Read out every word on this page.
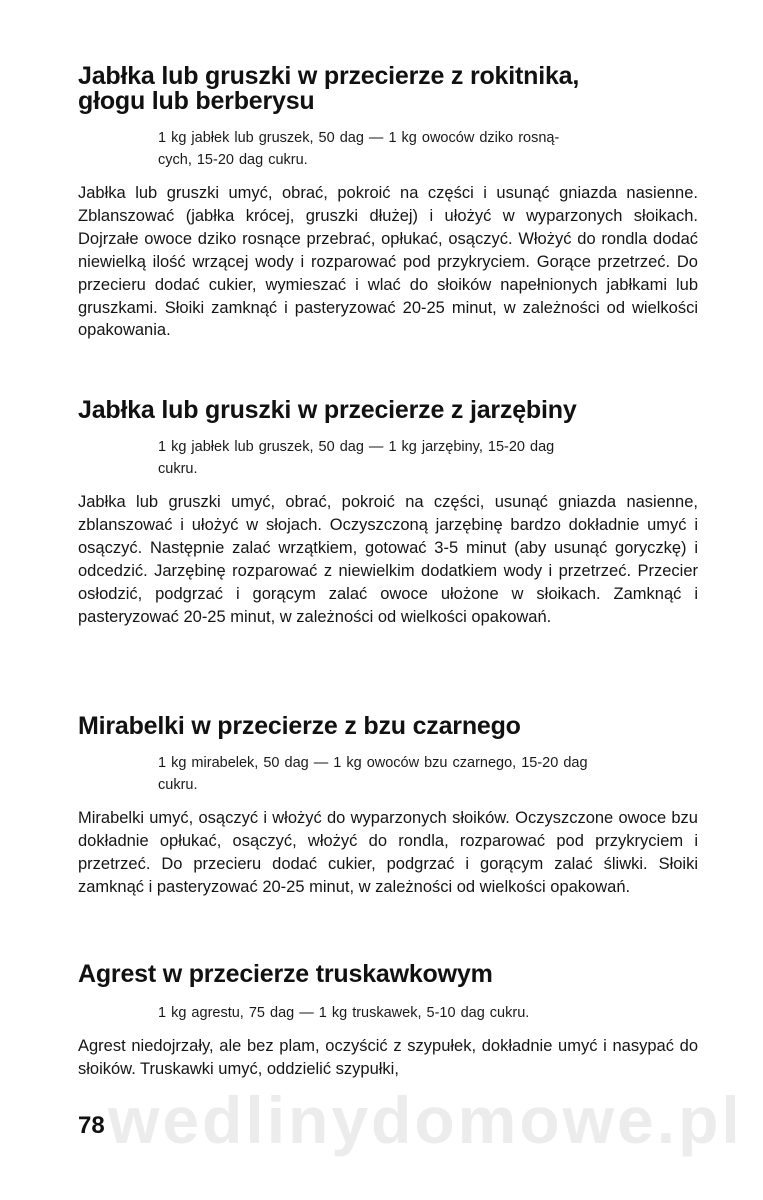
wedlinydomowe.pl
Jabłka lub gruszki w przecierze z rokitnika,
głogu lub berberysu

1 kg jabłek lub gruszek, 50 dag — 1 kg owoców dziko rosną-
cych, 15-20 dag cukru.

Jabłka lub gruszki umyć, obrać, pokroić na części i usunąć gniazda nasienne. Zblanszować (jabłka krócej, gruszki dłużej) i ułożyć w wyparzonych słoikach. Dojrzałe owoce dziko rosnące przebrać, opłukać, osączyć. Włożyć do rondla dodać niewielką ilość wrzącej wody i rozparować pod przykryciem. Gorące przetrzeć. Do przecieru dodać cukier, wymieszać i wlać do słoików napełnionych jabłkami lub gruszkami. Słoiki zamknąć i pasteryzować 20-25 minut, w zależności od wielkości opakowania.

Jabłka lub gruszki w przecierze z jarzębiny

1 kg jabłek lub gruszek, 50 dag — 1 kg jarzębiny, 15-20 dag
cukru.

Jabłka lub gruszki umyć, obrać, pokroić na części, usunąć gniazda nasienne, zblanszować i ułożyć w słojach. Oczyszczoną jarzębinę bardzo dokładnie umyć i osączyć. Następnie zalać wrzątkiem, gotować 3-5 minut (aby usunąć goryczkę) i odcedzić. Jarzębinę rozparować z niewielkim dodatkiem wody i przetrzeć. Przecier osłodzić, podgrzać i gorącym zalać owoce ułożone w słoikach. Zamknąć i pasteryzować 20-25 minut, w zależności od wielkości opakowań.

Mirabelki w przecierze z bzu czarnego

1 kg mirabelek, 50 dag — 1 kg owoców bzu czarnego, 15-20 dag
cukru.

Mirabelki umyć, osączyć i włożyć do wyparzonych słoików. Oczyszczone owoce bzu dokładnie opłukać, osączyć, włożyć do rondla, rozparować pod przykryciem i przetrzeć. Do przecieru dodać cukier, podgrzać i gorącym zalać śliwki. Słoiki zamknąć i pasteryzować 20-25 minut, w zależności od wielkości opakowań.

Agrest w przecierze truskawkowym

1 kg agrestu, 75 dag — 1 kg truskawek, 5-10 dag cukru.

Agrest niedojrzały, ale bez plam, oczyścić z szypułek, dokładnie umyć i nasypać do słoików. Truskawki umyć, oddzielić szypułki,

78
